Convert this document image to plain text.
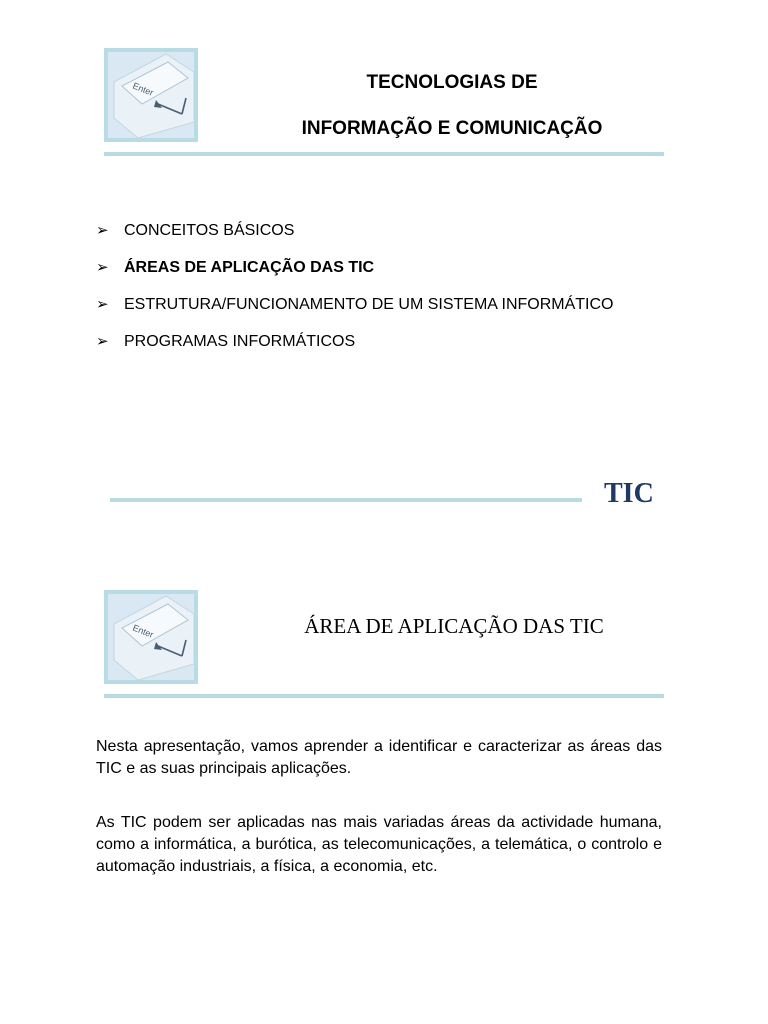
Enter	TECNOLOGIAS DE
INFORMAÇÃO E COMUNICAÇÃO
➢ CONCEITOS BÁSICOS
➢ ÁREAS DE APLICAÇÃO DAS TIC
➢ ESTRUTURA/FUNCIONAMENTO DE UM SISTEMA INFORMÁTICO
➢ PROGRAMAS INFORMÁTICOS
TIC
Enter	ÁREA DE APLICAÇÃO DAS TIC

Nesta apresentação, vamos aprender a identificar e caracterizar as áreas das TIC e as suas principais aplicações.

As TIC podem ser aplicadas nas mais variadas áreas da actividade humana, como a informática, a burótica, as telecomunicações, a telemática, o controlo e automação industriais, a física, a economia, etc.
